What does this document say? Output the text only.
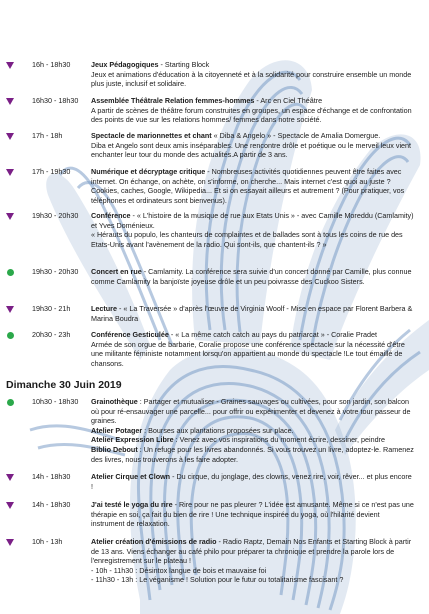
16h - 18h30	Jeux Pédagogiques - Starting Block
Jeux et animations d'éducation à la citoyenneté et à la solidarité pour construire ensemble un monde plus juste, inclusif et solidaire.
16h30 - 18h30 Assemblée Théâtrale Relation femmes-hommes - Arc en Ciel Théâtre
A partir de scènes de théâtre forum construites en groupes, un espace d'échange et de confrontation des points de vue sur les relations hommes/ femmes dans notre société.
17h - 18h	Spectacle de marionnettes et chant « Diba & Angelo » - Spectacle de Amalia Domergue.
Diba et Angelo sont deux amis inséparables. Une rencontre drôle et poétique ou le merveil leux vient enchanter leur tour du monde des actualités.A partir de 3 ans.
17h - 19h30	Numérique et décryptage critique - Nombreuses activités quotidiennes peuvent être faites avec internet. On échange, on achète, on s'informe, on cherche... Mais internet c'est quoi au juste ? Cookies, caches, Google, Wikipedia... Et si on essayait ailleurs et autrement ? (Pour pratiquer, vos téléphones et ordinateurs sont bienvenus).
19h30 - 20h30 Conférence - « L'histoire de la musique de rue aux Etats Unis » - avec Camille Moreddu (Camlamity) et Yves Doménieux.
« Hérauts du populo, les chanteurs de complaintes et de ballades sont à tous les coins de rue des Etats-Unis avant l'avènement de la radio. Qui sont-ils, que chantent-ils ? »
19h30 - 20h30 Concert en rue - Camlamity. La conférence sera suivie d'un concert donné par Camille, plus connue comme Camlamity la banjoïste joyeuse drôle et un peu poivrasse des Cuckoo Sisters.
19h30 - 21h	Lecture - « La Traversée » d'après l'œuvre de Virginia Woolf - Mise en espace par Florent Barbera & Marina Boudra
20h30 - 23h	Conférence Gesticulée - « La même catch catch au pays du patriarcat » - Coralie Pradet
Armée de son orgue de barbarie, Coralie propose une conférence spectacle sur la nécessité d'être une militante féministe notamment lorsqu'on appartient au monde du spectacle !Le tout émaillé de chansons.
Dimanche 30 Juin 2019
10h30 - 18h30 Grainothèque : Partager et mutualiser - Graines sauvages ou cultivées, pour son jardin, son balcon où pour ré-ensauvager une parcelle... pour offrir ou expérimenter et devenez à votre tour passeur de graines.
Atelier Potager : Bourses aux plantations proposées sur place.
Atelier Expression Libre : Venez avec vos inspirations du moment écrire, dessiner, peindre
Biblio Debout : Un refuge pour les livres abandonnés. Si vous trouvez un livre, adoptez-le. Ramenez des livres, nous trouverons à les faire adopter.
14h - 18h30	Atelier Cirque et Clown - Du cirque, du jonglage, des clowns, venez rire, voir, rêver... et plus encore !
14h - 18h30	J'ai testé le yoga du rire - Rire pour ne pas pleurer ? L'idée est amusante. Même si ce n'est pas une thérapie en soi, ça fait du bien de rire ! Une technique inspirée du yoga, où l'hilarité devient instrument de relaxation.
10h - 13h	Atelier création d'émissions de radio - Radio Raptz, Demain Nos Enfants et Starting Block à partir de 13 ans. Viens échanger au café philo pour préparer ta chronique et prendre la parole lors de l'enregistrement sur le plateau !
- 10h - 11h30 : Désintox langue de bois et mauvaise foi
- 11h30 - 13h : Le véganisme ! Solution pour le futur ou totalitarisme fascisant ?
